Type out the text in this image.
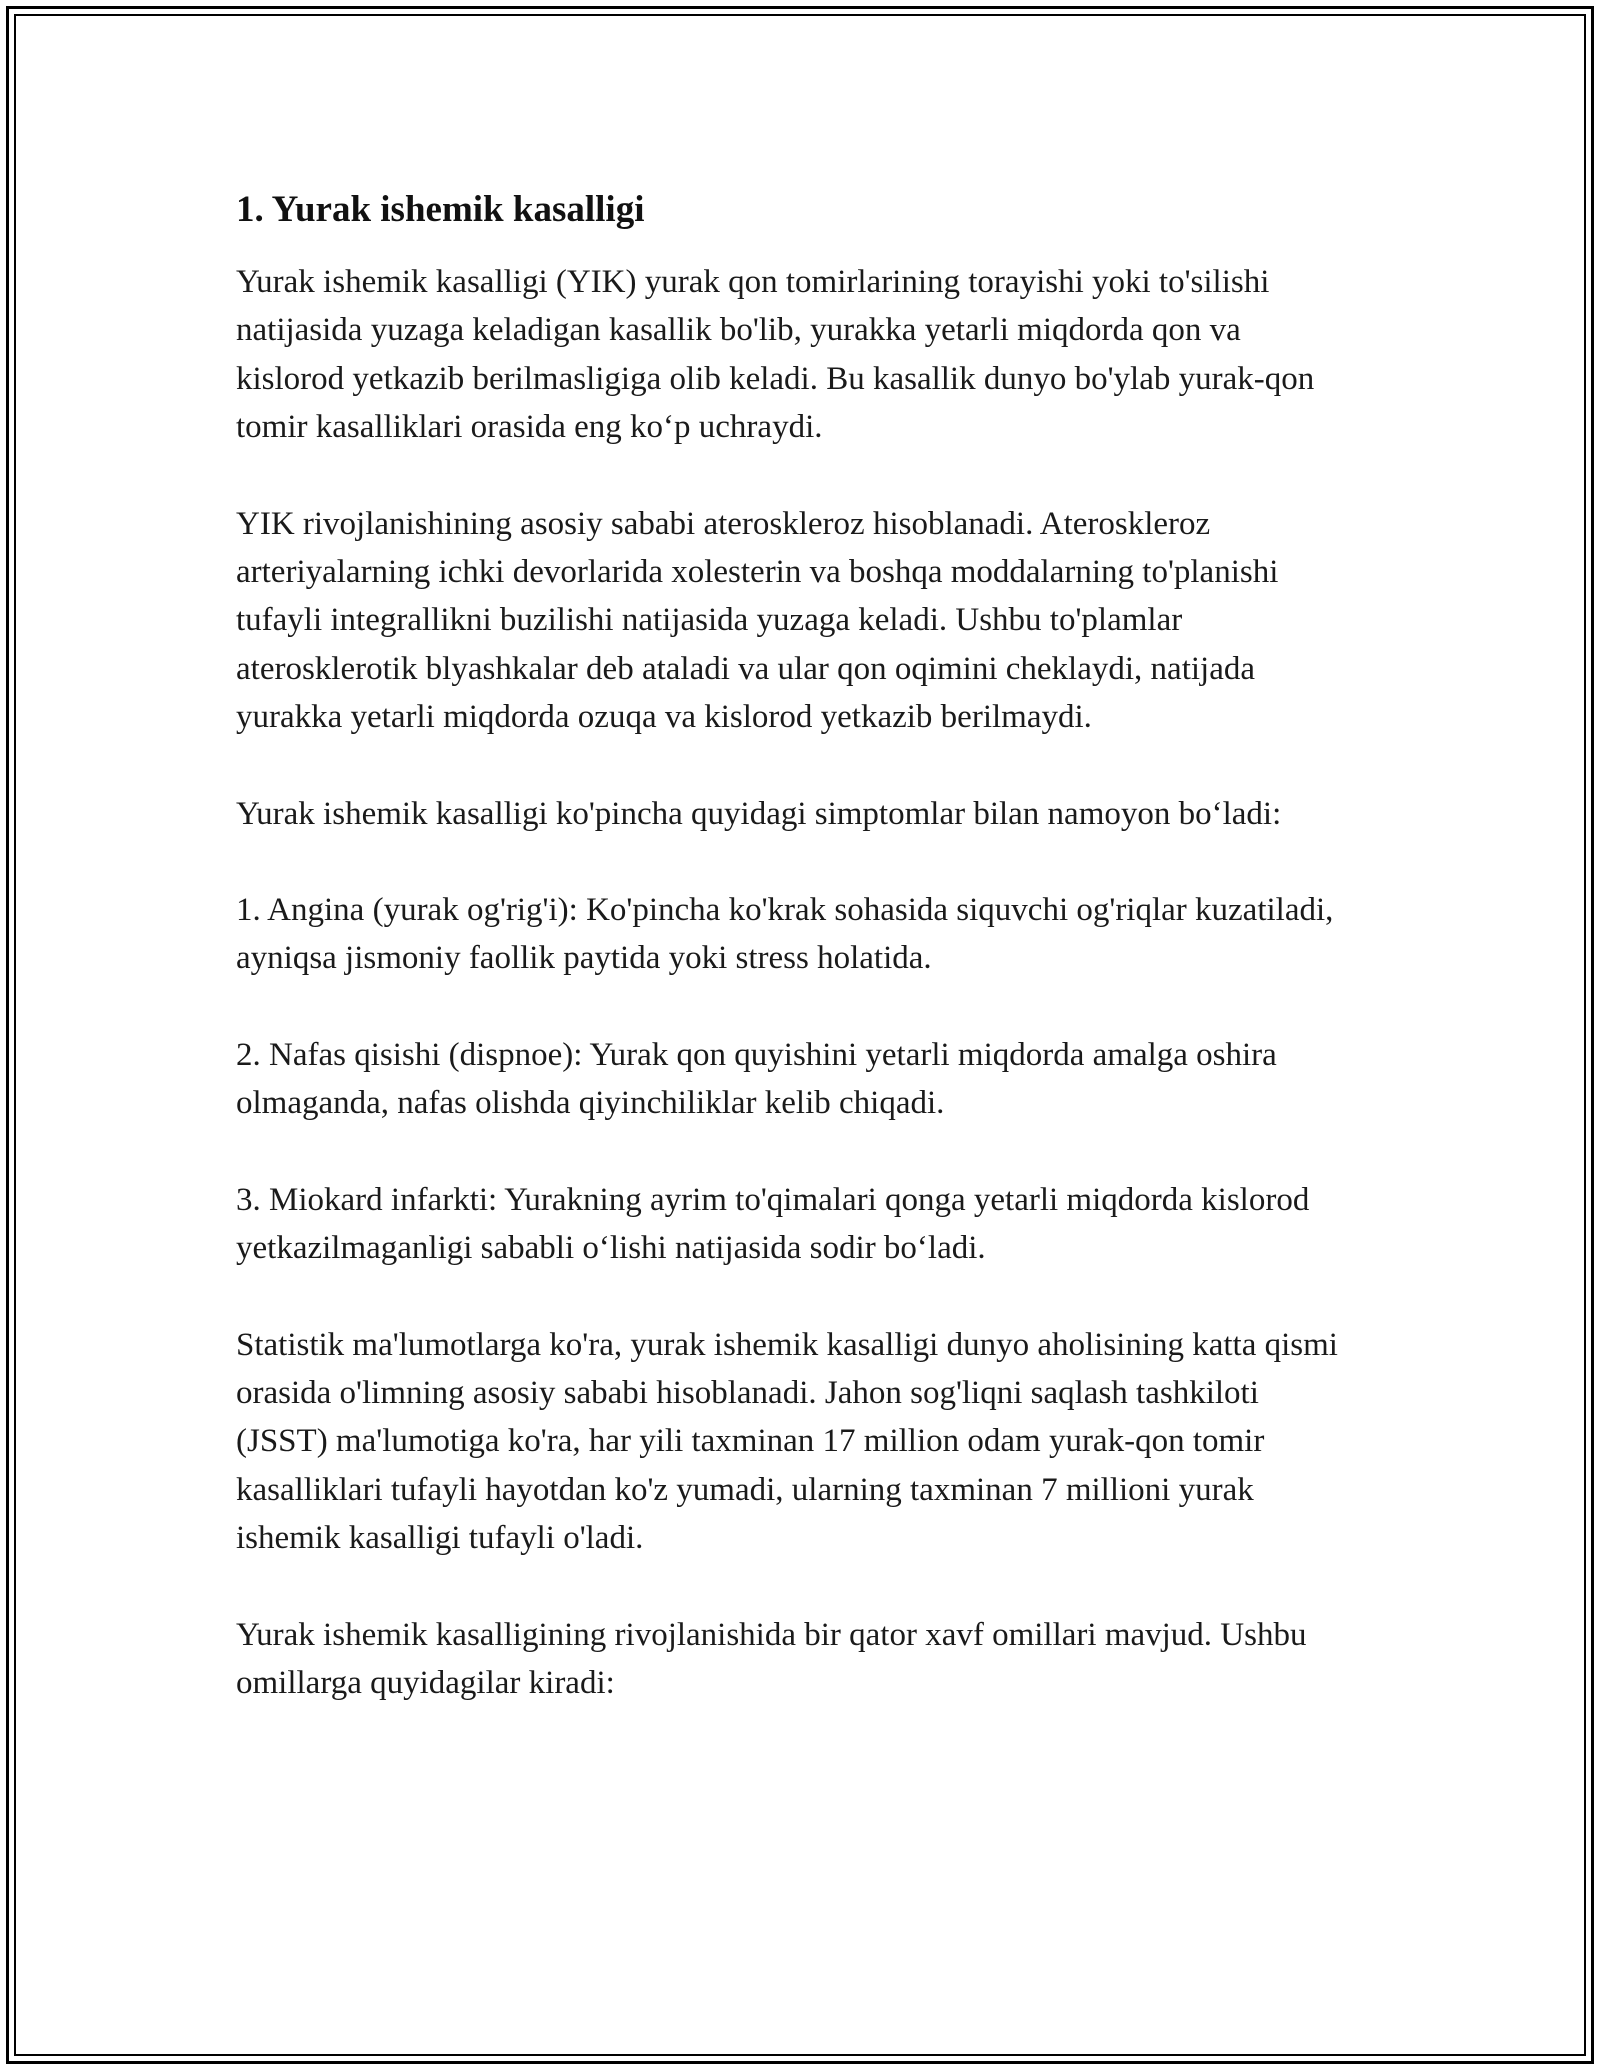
1. Yurak ishemik kasalligi

Yurak ishemik kasalligi (YIK) yurak qon tomirlarining torayishi yoki to'silishi natijasida yuzaga keladigan kasallik bo'lib, yurakka yetarli miqdorda qon va kislorod yetkazib berilmasligiga olib keladi. Bu kasallik dunyo bo'ylab yurak-qon tomir kasalliklari orasida eng ko‘p uchraydi.

YIK rivojlanishining asosiy sababi ateroskleroz hisoblanadi. Ateroskleroz arteriyalarning ichki devorlarida xolesterin va boshqa moddalarning to'planishi tufayli integrallikni buzilishi natijasida yuzaga keladi. Ushbu to'plamlar aterosklerotik blyashkalar deb ataladi va ular qon oqimini cheklaydi, natijada yurakka yetarli miqdorda ozuqa va kislorod yetkazib berilmaydi.

Yurak ishemik kasalligi ko'pincha quyidagi simptomlar bilan namoyon bo‘ladi:

1. Angina (yurak og'rig'i): Ko'pincha ko'krak sohasida siquvchi og'riqlar kuzatiladi, ayniqsa jismoniy faollik paytida yoki stress holatida.

2. Nafas qisishi (dispnoe): Yurak qon quyishini yetarli miqdorda amalga oshira olmaganda, nafas olishda qiyinchiliklar kelib chiqadi.

3. Miokard infarkti: Yurakning ayrim to'qimalari qonga yetarli miqdorda kislorod yetkazilmaganligi sababli o‘lishi natijasida sodir bo‘ladi.

Statistik ma'lumotlarga ko'ra, yurak ishemik kasalligi dunyo aholisining katta qismi orasida o'limning asosiy sababi hisoblanadi. Jahon sog'liqni saqlash tashkiloti (JSST) ma'lumotiga ko'ra, har yili taxminan 17 million odam yurak-qon tomir kasalliklari tufayli hayotdan ko'z yumadi, ularning taxminan 7 millioni yurak ishemik kasalligi tufayli o'ladi.

Yurak ishemik kasalligining rivojlanishida bir qator xavf omillari mavjud. Ushbu omillarga quyidagilar kiradi:
